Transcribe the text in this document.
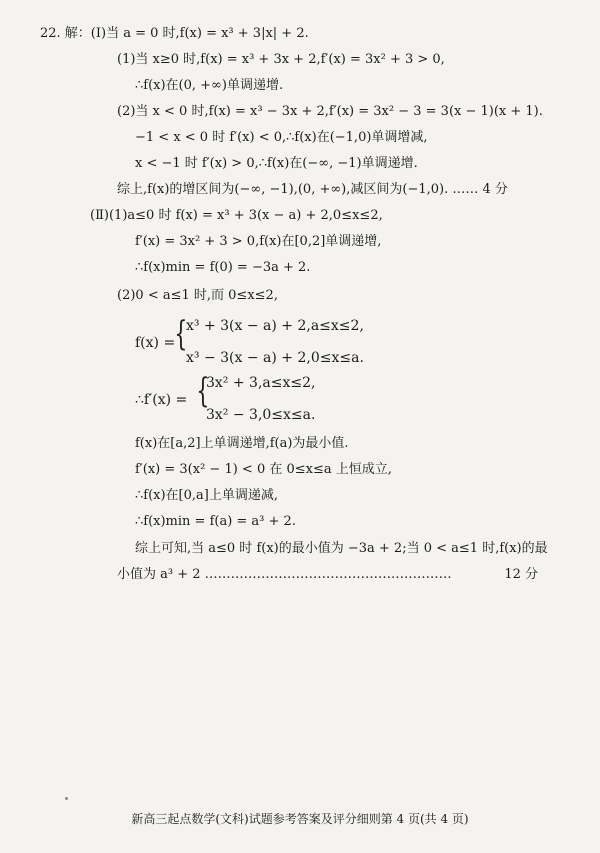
22. 解：(Ⅰ)当 a = 0 时,f(x) = x³ + 3|x| + 2.
(1)当 x≥0 时,f(x) = x³ + 3x + 2,f′(x) = 3x² + 3 > 0,
∴f(x)在(0, +∞)单调递增.
(2)当 x < 0 时,f(x) = x³ − 3x + 2,f′(x) = 3x² − 3 = 3(x − 1)(x + 1).
−1 < x < 0 时 f′(x) < 0,∴f(x)在(−1,0)单调增减,
x < −1 时 f′(x) > 0,∴f(x)在(−∞, −1)单调递增.
综上,f(x)的增区间为(−∞, −1),(0, +∞),减区间为(−1,0). …… 4 分
(Ⅱ)(1)a≤0 时 f(x) = x³ + 3(x − a) + 2,0≤x≤2,
f′(x) = 3x² + 3 > 0,f(x)在[0,2]单调递增,
∴f(x)min = f(0) = −3a + 2.
(2)0 < a≤1 时,而 0≤x≤2,
f(x) = {
x³ + 3(x − a) + 2,a≤x≤2,
x³ − 3(x − a) + 2,0≤x≤a.
∴f′(x) = {
3x² + 3,a≤x≤2,
3x² − 3,0≤x≤a.
f(x)在[a,2]上单调递增,f(a)为最小值.
f′(x) = 3(x² − 1) < 0 在 0≤x≤a 上恒成立,
∴f(x)在[0,a]上单调递减,
∴f(x)min = f(a) = a³ + 2.
综上可知,当 a≤0 时 f(x)的最小值为 −3a + 2;当 0 < a≤1 时,f(x)的最
小值为 a³ + 2 …………………………………………………	12 分
新高三起点数学(文科)试题参考答案及评分细则第 4 页(共 4 页)
